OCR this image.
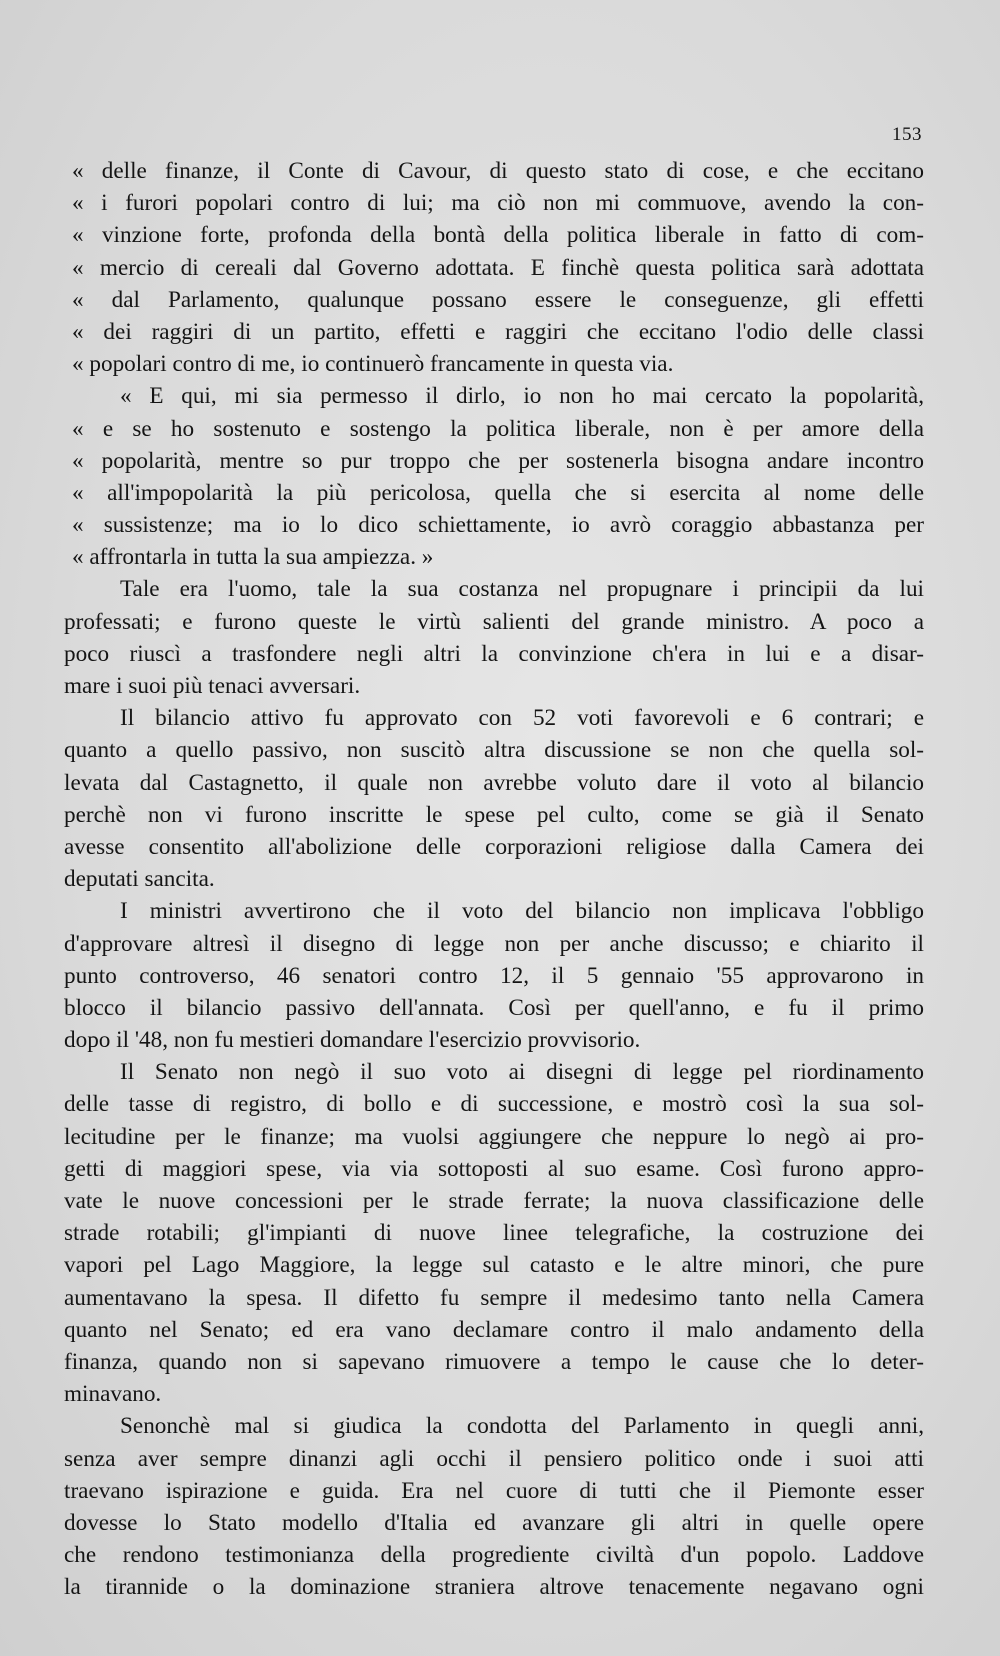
153
« delle finanze, il Conte di Cavour, di questo stato di cose, e che eccitano
« i furori popolari contro di lui; ma ciò non mi commuove, avendo la con-
« vinzione forte, profonda della bontà della politica liberale in fatto di com-
« mercio di cereali dal Governo adottata. E finchè questa politica sarà adottata
« dal Parlamento, qualunque possano essere le conseguenze, gli effetti
« dei raggiri di un partito, effetti e raggiri che eccitano l'odio delle classi
« popolari contro di me, io continuerò francamente in questa via.
« E qui, mi sia permesso il dirlo, io non ho mai cercato la popolarità,
« e se ho sostenuto e sostengo la politica liberale, non è per amore della
« popolarità, mentre so pur troppo che per sostenerla bisogna andare incontro
« all'impopolarità la più pericolosa, quella che si esercita al nome delle
« sussistenze; ma io lo dico schiettamente, io avrò coraggio abbastanza per
« affrontarla in tutta la sua ampiezza. »
Tale era l'uomo, tale la sua costanza nel propugnare i principii da lui
professati; e furono queste le virtù salienti del grande ministro. A poco a
poco riuscì a trasfondere negli altri la convinzione ch'era in lui e a disar-
mare i suoi più tenaci avversari.
Il bilancio attivo fu approvato con 52 voti favorevoli e 6 contrari; e
quanto a quello passivo, non suscitò altra discussione se non che quella sol-
levata dal Castagnetto, il quale non avrebbe voluto dare il voto al bilancio
perchè non vi furono inscritte le spese pel culto, come se già il Senato
avesse consentito all'abolizione delle corporazioni religiose dalla Camera dei
deputati sancita.
I ministri avvertirono che il voto del bilancio non implicava l'obbligo
d'approvare altresì il disegno di legge non per anche discusso; e chiarito il
punto controverso, 46 senatori contro 12, il 5 gennaio '55 approvarono in
blocco il bilancio passivo dell'annata. Così per quell'anno, e fu il primo
dopo il '48, non fu mestieri domandare l'esercizio provvisorio.
Il Senato non negò il suo voto ai disegni di legge pel riordinamento
delle tasse di registro, di bollo e di successione, e mostrò così la sua sol-
lecitudine per le finanze; ma vuolsi aggiungere che neppure lo negò ai pro-
getti di maggiori spese, via via sottoposti al suo esame. Così furono appro-
vate le nuove concessioni per le strade ferrate; la nuova classificazione delle
strade rotabili; gl'impianti di nuove linee telegrafiche, la costruzione dei
vapori pel Lago Maggiore, la legge sul catasto e le altre minori, che pure
aumentavano la spesa. Il difetto fu sempre il medesimo tanto nella Camera
quanto nel Senato; ed era vano declamare contro il malo andamento della
finanza, quando non si sapevano rimuovere a tempo le cause che lo deter-
minavano.
Senonchè mal si giudica la condotta del Parlamento in quegli anni,
senza aver sempre dinanzi agli occhi il pensiero politico onde i suoi atti
traevano ispirazione e guida. Era nel cuore di tutti che il Piemonte esser
dovesse lo Stato modello d'Italia ed avanzare gli altri in quelle opere
che rendono testimonianza della progrediente civiltà d'un popolo. Laddove
la tirannide o la dominazione straniera altrove tenacemente negavano ogni
